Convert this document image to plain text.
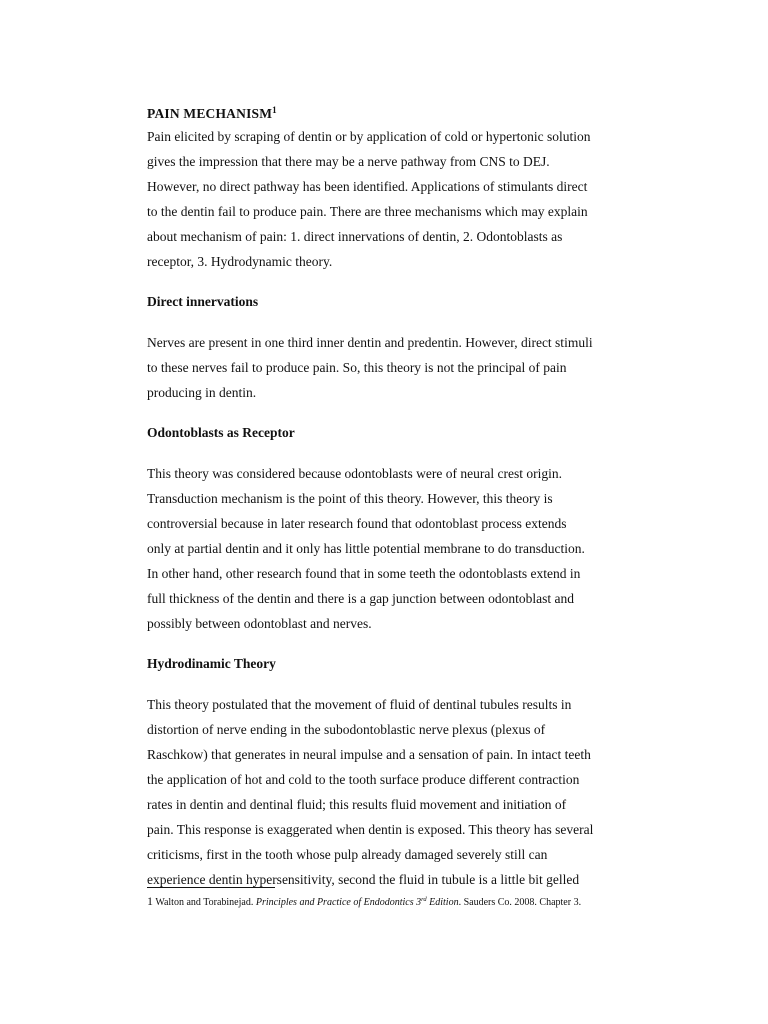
PAIN MECHANISM$^1$

Pain elicited by scraping of dentin or by application of cold or hypertonic solution

gives the impression that there may be a nerve pathway from CNS to DEJ.

However, no direct pathway has been identified. Applications of stimulants direct

to the dentin fail to produce pain. There are three mechanisms which may explain

about mechanism of pain: 1. direct innervations of dentin, 2. Odontoblasts as

receptor, 3. Hydrodynamic theory.

Direct innervations

Nerves are present in one third inner dentin and predentin. However, direct stimuli

to these nerves fail to produce pain. So, this theory is not the principal of pain

producing in dentin.

Odontoblasts as Receptor

This theory was considered because odontoblasts were of neural crest origin.

Transduction mechanism is the point of this theory. However, this theory is

controversial because in later research found that odontoblast process extends

only at partial dentin and it only has little potential membrane to do transduction.

In other hand, other research found that in some teeth the odontoblasts extend in

full thickness of the dentin and there is a gap junction between odontoblast and

possibly between odontoblast and nerves.

Hydrodinamic Theory

This theory postulated that the movement of fluid of dentinal tubules results in

distortion of nerve ending in the subodontoblastic nerve plexus (plexus of

Raschkow) that generates in neural impulse and a sensation of pain. In intact teeth

the application of hot and cold to the tooth surface produce different contraction

rates in dentin and dentinal fluid; this results fluid movement and initiation of

pain. This response is exaggerated when dentin is exposed. This theory has several

criticisms, first in the tooth whose pulp already damaged severely still can

experience dentin hypersensitivity, second the fluid in tubule is a little bit gelled

1 Walton and Torabinejad. Principles and Practice of Endodontics 3rd Edition. Sauders Co. 2008. Chapter 3.
